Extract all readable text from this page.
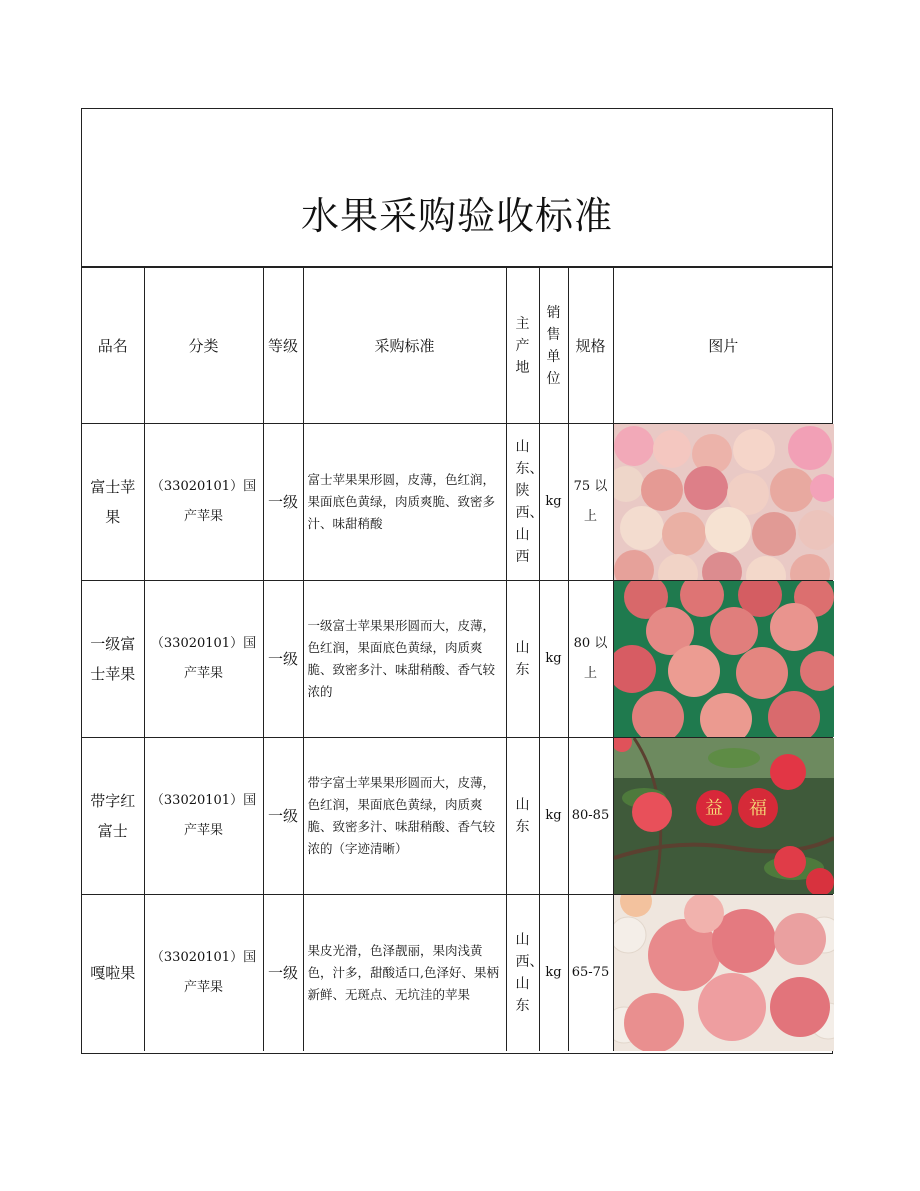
水果采购验收标准
品名	分类	等级	采购标准	主产地	销售单位	规格	图片

富士苹果	（33020101）国产苹果	一级	富士苹果果形圆，皮薄，色红润，果面底色黄绿，肉质爽脆、致密多汁、味甜稍酸	山东、陕西、山西	kg	75 以上	

一级富士苹果	（33020101）国产苹果	一级	一级富士苹果果形圆而大，皮薄，色红润，果面底色黄绿，肉质爽脆、致密多汁、味甜稍酸、香气较浓的	山东	kg	80 以上	

带字红富士	（33020101）国产苹果	一级	带字富士苹果果形圆而大，皮薄，色红润，果面底色黄绿，肉质爽脆、致密多汁、味甜稍酸、香气较浓的（字迹清晰）	山东	kg	80-85	益 福

嘎啦果	（33020101）国产苹果	一级	果皮光滑，色泽靓丽，果肉浅黄色，汁多，甜酸适口,色泽好、果柄新鲜、无斑点、无坑洼的苹果	山西、山东	kg	65-75	
